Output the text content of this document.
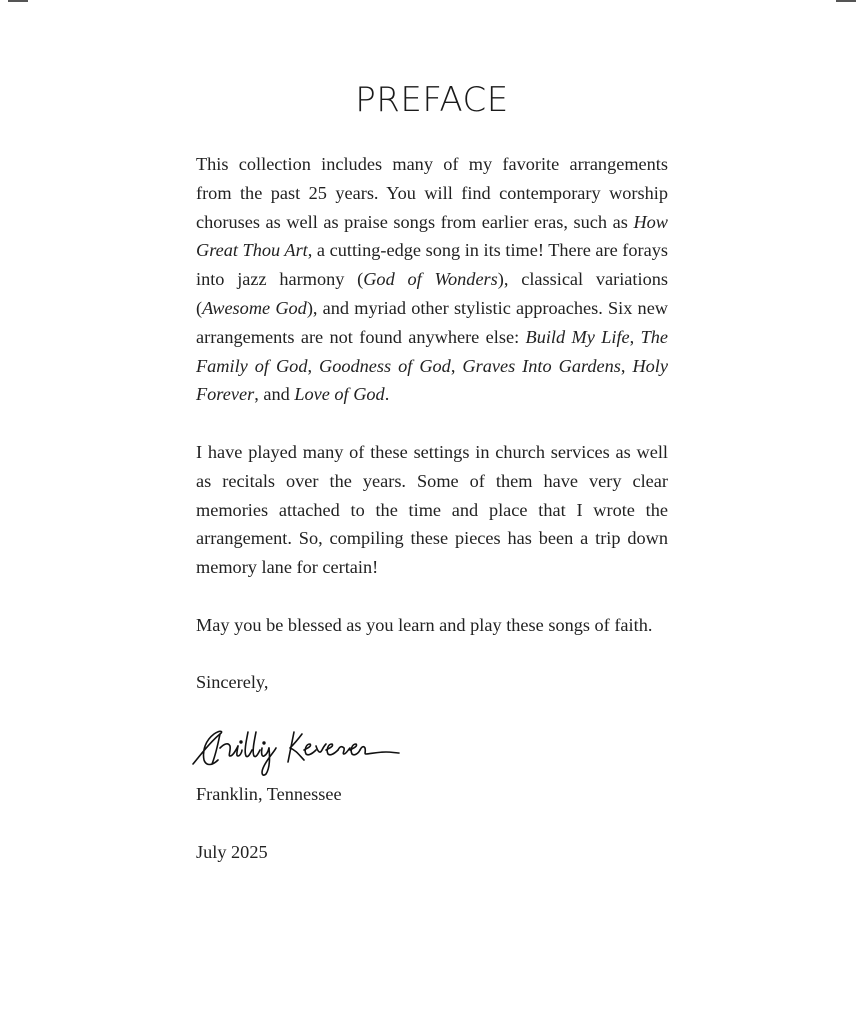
PREFACE

This collection includes many of my favorite arrangements from the past 25 years. You will find contemporary worship choruses as well as praise songs from earlier eras, such as How Great Thou Art, a cutting-edge song in its time! There are forays into jazz harmony (God of Wonders), classical variations (Awesome God), and myriad other stylistic approaches. Six new arrangements are not found anywhere else: Build My Life, The Family of God, Goodness of God, Graves Into Gardens, Holy Forever, and Love of God.

I have played many of these settings in church services as well as recitals over the years. Some of them have very clear memories attached to the time and place that I wrote the arrangement. So, compiling these pieces has been a trip down memory lane for certain!

May you be blessed as you learn and play these songs of faith.

Sincerely,

Franklin, Tennessee

July 2025
